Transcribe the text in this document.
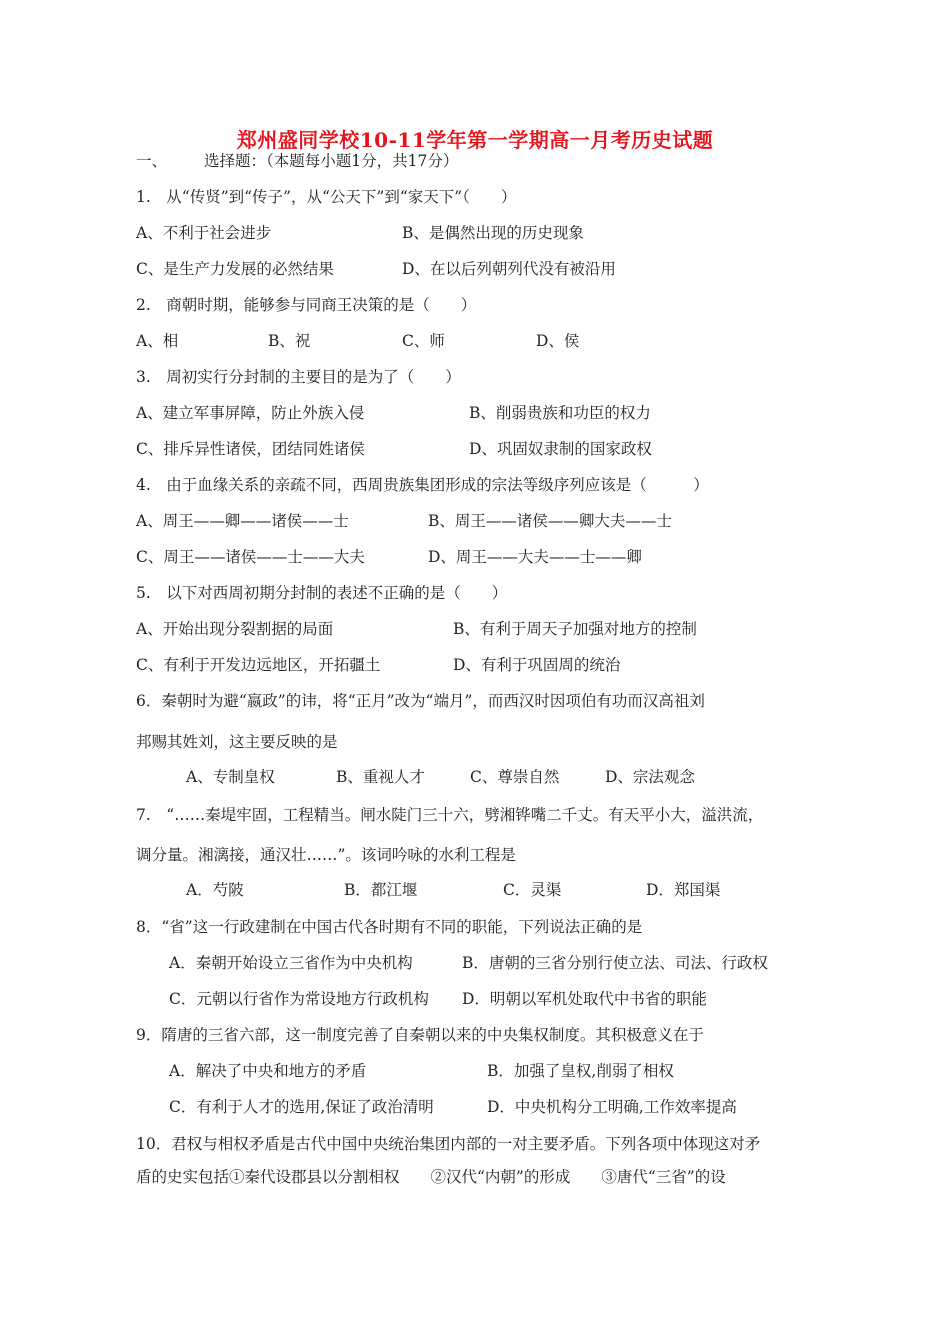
郑州盛同学校10-11学年第一学期高一月考历史试题
一、 选择题：（本题每小题1分，共17分）
1.　从“传贤”到“传子”，从“公天下”到“家天下”（　　）
A、不利于社会进步	B、是偶然出现的历史现象
C、是生产力发展的必然结果	D、在以后列朝列代没有被沿用
2.　商朝时期，能够参与同商王决策的是（　　）
A、相	B、祝	C、师	D、侯
3.　周初实行分封制的主要目的是为了（　　）
A、建立军事屏障，防止外族入侵	B、削弱贵族和功臣的权力
C、排斥异性诸侯，团结同姓诸侯	D、巩固奴隶制的国家政权
4.　由于血缘关系的亲疏不同，西周贵族集团形成的宗法等级序列应该是（　　　）
A、周王——卿——诸侯——士	B、周王——诸侯——卿大夫——士
C、周王——诸侯——士——大夫	D、周王——大夫——士——卿
5.　以下对西周初期分封制的表述不正确的是（　　）
A、开始出现分裂割据的局面	B、有利于周天子加强对地方的控制
C、有利于开发边远地区，开拓疆土	D、有利于巩固周的统治
6．秦朝时为避“嬴政”的讳，将“正月”改为“端月”，而西汉时因项伯有功而汉高祖刘
邦赐其姓刘，这主要反映的是
A、专制皇权	B、重视人才	C、尊崇自然	D、宗法观念
7.　“……秦堤牢固，工程精当。闸水陡门三十六，劈湘铧嘴二千丈。有天平小大，溢洪流，
调分量。湘漓接，通汉壮……”。该词吟咏的水利工程是
A．芍陂	B．都江堰	C．灵渠	D．郑国渠
8．“省”这一行政建制在中国古代各时期有不同的职能，下列说法正确的是
A．秦朝开始设立三省作为中央机构	B．唐朝的三省分别行使立法、司法、行政权
C．元朝以行省作为常设地方行政机构 D．明朝以军机处取代中书省的职能
9．隋唐的三省六部，这一制度完善了自秦朝以来的中央集权制度。其积极意义在于
A．解决了中央和地方的矛盾	B．加强了皇权,削弱了相权
C．有利于人才的选用,保证了政治清明	D．中央机构分工明确,工作效率提高
10．君权与相权矛盾是古代中国中央统治集团内部的一对主要矛盾。下列各项中体现这对矛
盾的史实包括①秦代设郡县以分割相权　　②汉代“内朝”的形成　　③唐代“三省”的设
